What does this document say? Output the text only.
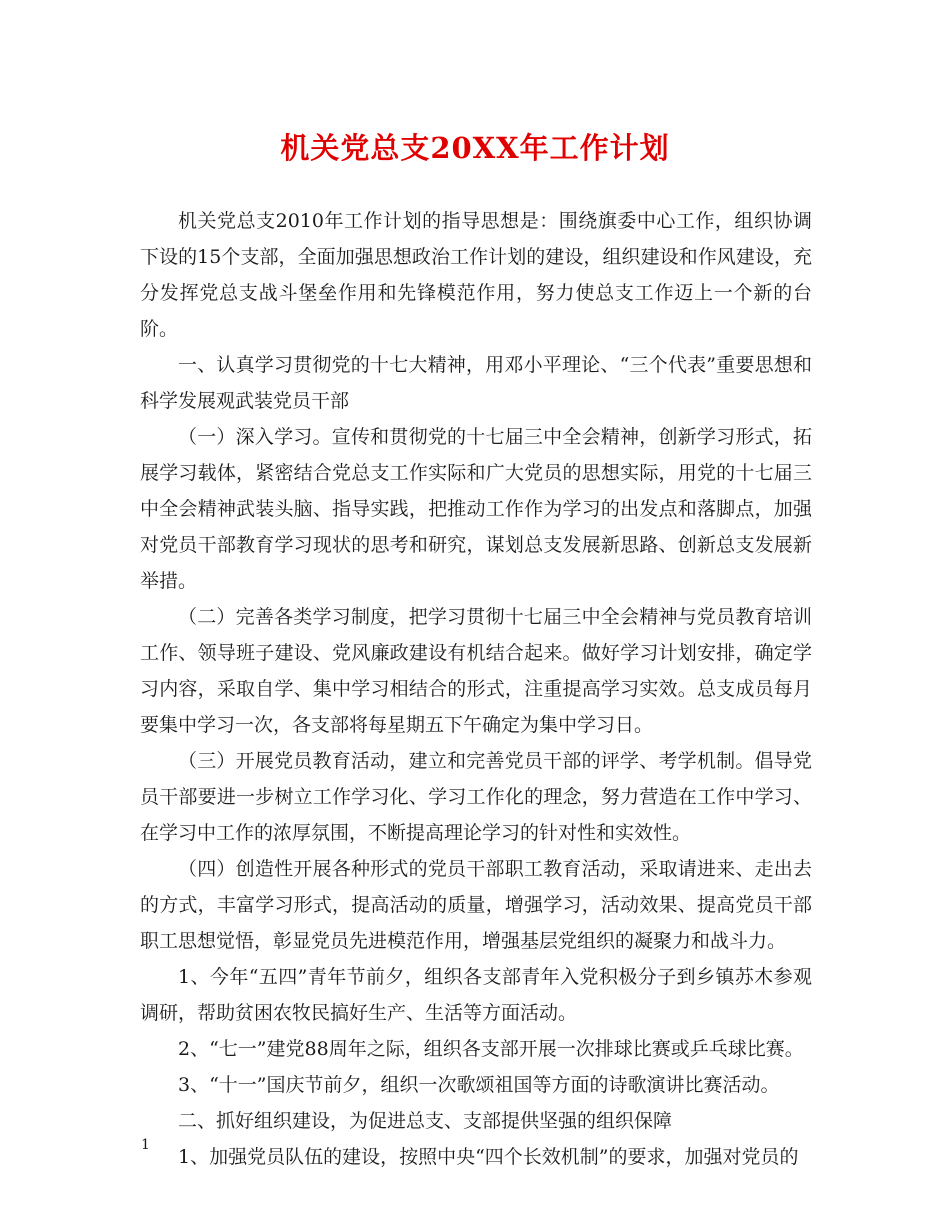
机关党总支20XX年工作计划

机关党总支2010年工作计划的指导思想是：围绕旗委中心工作，组织协调下设的15个支部，全面加强思想政治工作计划的建设，组织建设和作风建设，充分发挥党总支战斗堡垒作用和先锋模范作用，努力使总支工作迈上一个新的台阶。

一、认真学习贯彻党的十七大精神，用邓小平理论、“三个代表”重要思想和科学发展观武装党员干部

（一）深入学习。宣传和贯彻党的十七届三中全会精神，创新学习形式，拓展学习载体，紧密结合党总支工作实际和广大党员的思想实际，用党的十七届三中全会精神武装头脑、指导实践，把推动工作作为学习的出发点和落脚点，加强对党员干部教育学习现状的思考和研究，谋划总支发展新思路、创新总支发展新举措。

（二）完善各类学习制度，把学习贯彻十七届三中全会精神与党员教育培训工作、领导班子建设、党风廉政建设有机结合起来。做好学习计划安排，确定学习内容，采取自学、集中学习相结合的形式，注重提高学习实效。总支成员每月要集中学习一次，各支部将每星期五下午确定为集中学习日。

（三）开展党员教育活动，建立和完善党员干部的评学、考学机制。倡导党员干部要进一步树立工作学习化、学习工作化的理念，努力营造在工作中学习、在学习中工作的浓厚氛围，不断提高理论学习的针对性和实效性。

（四）创造性开展各种形式的党员干部职工教育活动，采取请进来、走出去的方式，丰富学习形式，提高活动的质量，增强学习，活动效果、提高党员干部职工思想觉悟，彰显党员先进模范作用，增强基层党组织的凝聚力和战斗力。

1、今年“五四”青年节前夕，组织各支部青年入党积极分子到乡镇苏木参观调研，帮助贫困农牧民搞好生产、生活等方面活动。

2、“七一”建党88周年之际，组织各支部开展一次排球比赛或乒乓球比赛。

3、“十一”国庆节前夕，组织一次歌颂祖国等方面的诗歌演讲比赛活动。

二、抓好组织建设，为促进总支、支部提供坚强的组织保障

1、加强党员队伍的建设，按照中央“四个长效机制”的要求，加强对党员的

1
